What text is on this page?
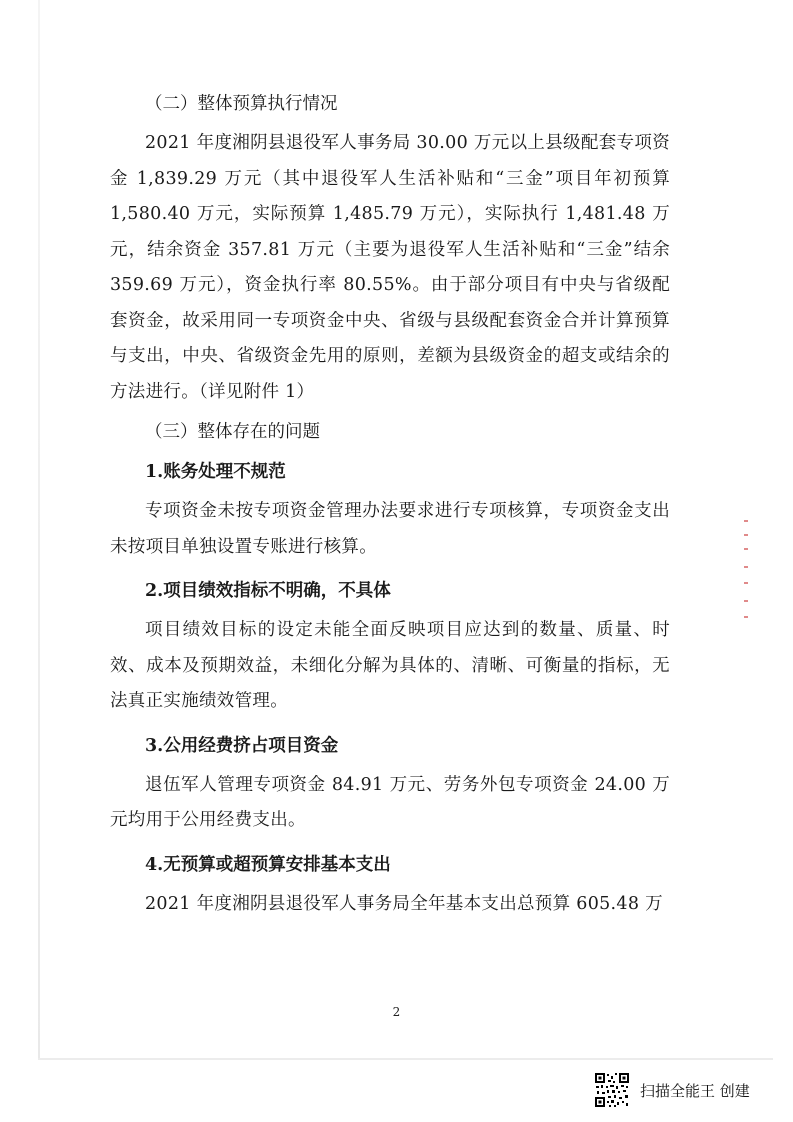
（二）整体预算执行情况

2021 年度湘阴县退役军人事务局 30.00 万元以上县级配套专项资金 1,839.29 万元（其中退役军人生活补贴和“三金”项目年初预算 1,580.40 万元，实际预算 1,485.79 万元），实际执行 1,481.48 万元，结余资金 357.81 万元（主要为退役军人生活补贴和“三金”结余 359.69 万元），资金执行率 80.55%。由于部分项目有中央与省级配套资金，故采用同一专项资金中央、省级与县级配套资金合并计算预算与支出，中央、省级资金先用的原则，差额为县级资金的超支或结余的方法进行。（详见附件 1）

（三）整体存在的问题

1.账务处理不规范

专项资金未按专项资金管理办法要求进行专项核算，专项资金支出未按项目单独设置专账进行核算。

2.项目绩效指标不明确，不具体

项目绩效目标的设定未能全面反映项目应达到的数量、质量、时效、成本及预期效益，未细化分解为具体的、清晰、可衡量的指标，无法真正实施绩效管理。

3.公用经费挤占项目资金

退伍军人管理专项资金 84.91 万元、劳务外包专项资金 24.00 万元均用于公用经费支出。

4.无预算或超预算安排基本支出

2021 年度湘阴县退役军人事务局全年基本支出总预算 605.48 万

2
扫描全能王 创建
